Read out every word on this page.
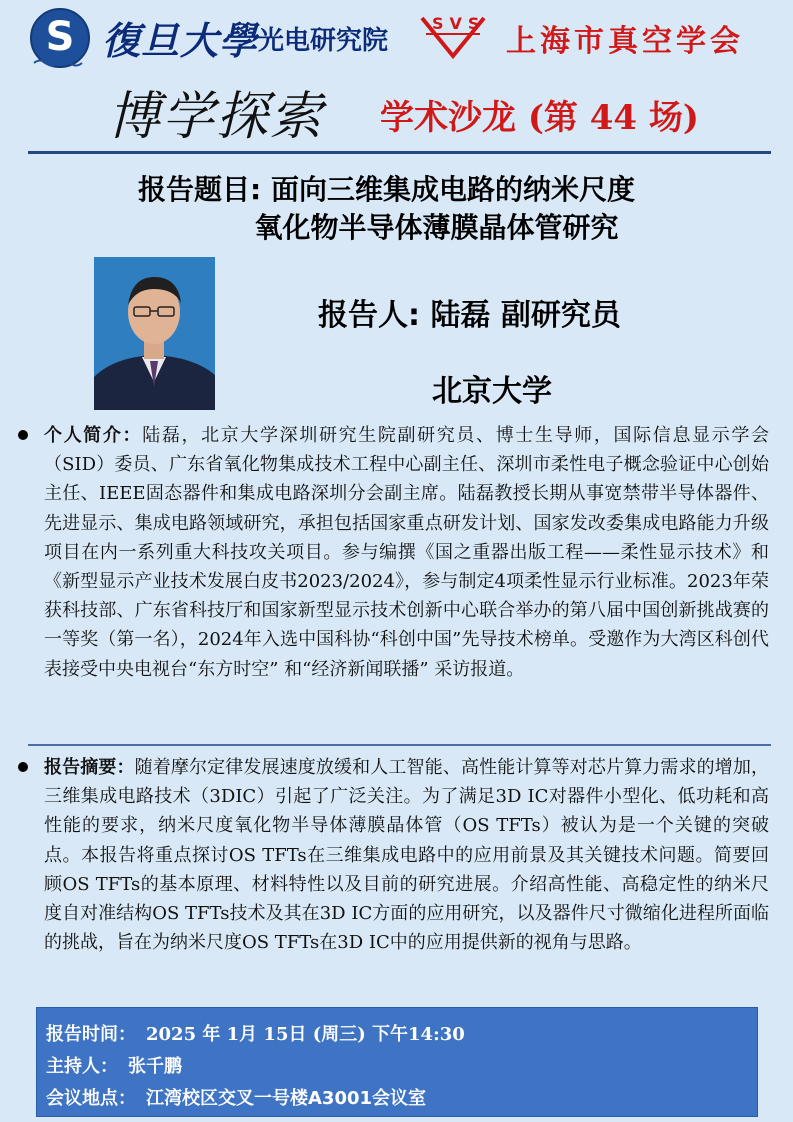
S 復旦大學 光电研究院
SVS
上海市真空学会
博学探索 学术沙龙 (第 44 场)
报告题目: 面向三维集成电路的纳米尺度
氧化物半导体薄膜晶体管研究
报告人: 陆磊 副研究员
北京大学
个人简介：陆磊，北京大学深圳研究生院副研究员、博士生导师，国际信息显示学会（SID）委员、广东省氧化物集成技术工程中心副主任、深圳市柔性电子概念验证中心创始主任、IEEE固态器件和集成电路深圳分会副主席。陆磊教授长期从事宽禁带半导体器件、先进显示、集成电路领域研究，承担包括国家重点研发计划、国家发改委集成电路能力升级项目在内一系列重大科技攻关项目。参与编撰《国之重器出版工程——柔性显示技术》和《新型显示产业技术发展白皮书2023/2024》，参与制定4项柔性显示行业标准。2023年荣获科技部、广东省科技厅和国家新型显示技术创新中心联合举办的第八届中国创新挑战赛的一等奖（第一名），2024年入选中国科协“科创中国”先导技术榜单。受邀作为大湾区科创代表接受中央电视台“东方时空” 和“经济新闻联播” 采访报道。
报告摘要：随着摩尔定律发展速度放缓和人工智能、高性能计算等对芯片算力需求的增加，三维集成电路技术（3DIC）引起了广泛关注。为了满足3D IC对器件小型化、低功耗和高性能的要求，纳米尺度氧化物半导体薄膜晶体管（OS TFTs）被认为是一个关键的突破点。本报告将重点探讨OS TFTs在三维集成电路中的应用前景及其关键技术问题。简要回顾OS TFTs的基本原理、材料特性以及目前的研究进展。介绍高性能、高稳定性的纳米尺度自对准结构OS TFTs技术及其在3D IC方面的应用研究，以及器件尺寸微缩化进程所面临的挑战，旨在为纳米尺度OS TFTs在3D IC中的应用提供新的视角与思路。
报告时间： 2025 年 1月 15日 (周三) 下午14:30
主持人： 张千鹏
会议地点： 江湾校区交叉一号楼A3001会议室
